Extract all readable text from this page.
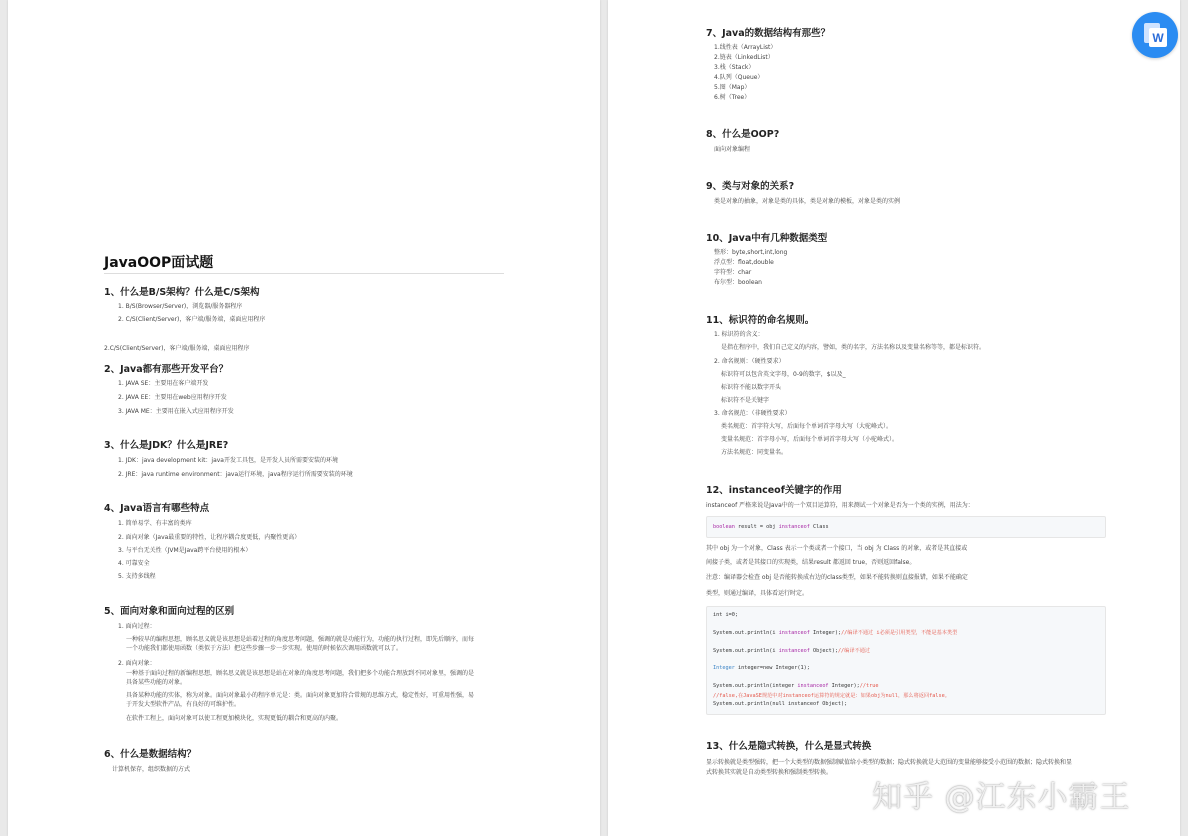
JavaOOP面试题
1、什么是B/S架构？什么是C/S架构
1. B/S(Browser/Server)，浏览器/服务器程序
2. C/S(Client/Server)，客户端/服务端，桌面应用程序
2.C/S(Client/Server)，客户端/服务端，桌面应用程序
2、Java都有那些开发平台？
1. JAVA SE：主要用在客户端开发
2. JAVA EE：主要用在web应用程序开发
3. JAVA ME：主要用在嵌入式应用程序开发
3、什么是JDK？什么是JRE?
1. JDK：java development kit：java开发工具包，是开发人员所需要安装的环境
2. JRE：java runtime environment：java运行环境，java程序运行所需要安装的环境
4、Java语言有哪些特点
1. 简单易学、有丰富的类库
2. 面向对象（Java最重要的特性，让程序耦合度更低，内聚性更高）
3. 与平台无关性（JVM是Java跨平台使用的根本）
4. 可靠安全
5. 支持多线程
5、面向对象和面向过程的区别
1. 面向过程：
一种较早的编程思想，顾名思义就是该思想是站着过程的角度思考问题，强调的就是功能行为，功能的执行过程，即先后顺序，而每
一个功能我们都使用函数（类似于方法）把这些步骤一步一步实现。使用的时候依次调用函数就可以了。
2. 面向对象：
一种基于面向过程的新编程思想，顾名思义就是该思想是站在对象的角度思考问题，我们把多个功能合理放到不同对象里，强调的是
具备某些功能的对象。
具备某种功能的实体，称为对象。面向对象最小的程序单元是：类。面向对象更加符合常规的思维方式，稳定性好，可重用性强，易
于开发大型软件产品，有良好的可维护性。
在软件工程上，面向对象可以使工程更加模块化，实现更低的耦合和更高的内聚。
6、什么是数据结构？
计算机保存，组织数据的方式
7、Java的数据结构有那些？
1.线性表（ArrayList）
2.链表（LinkedList）
3.栈（Stack）
4.队列（Queue）
5.图（Map）
6.树（Tree）
8、什么是OOP?
面向对象编程
9、类与对象的关系?
类是对象的抽象，对象是类的具体，类是对象的模板，对象是类的实例
10、Java中有几种数据类型
整形：byte,short,int,long
浮点型：float,double
字符型：char
布尔型：boolean
11、标识符的命名规则。
1. 标识符的含义：
是指在程序中，我们自己定义的内容，譬如，类的名字，方法名称以及变量名称等等，都是标识符。
2. 命名规则：（硬性要求）
标识符可以包含英文字母，0-9的数字，$以及_
标识符不能以数字开头
标识符不是关键字
3. 命名规范：（非硬性要求）
类名规范：首字符大写，后面每个单词首字母大写（大驼峰式）。
变量名规范：首字母小写，后面每个单词首字母大写（小驼峰式）。
方法名规范：同变量名。
12、instanceof关键字的作用
instanceof 严格来说是Java中的一个双目运算符，用来测试一个对象是否为一个类的实例，用法为：
boolean result = obj instanceof Class
其中 obj 为一个对象，Class 表示一个类或者一个接口，当 obj 为 Class 的对象，或者是其直接或
间接子类，或者是其接口的实现类，结果result 都返回 true，否则返回false。
注意：编译器会检查 obj 是否能转换成右边的class类型，如果不能转换则直接报错，如果不能确定
类型，则通过编译，具体看运行时定。
int i=0;
System.out.println(i instanceof Integer);//编译不通过 i必须是引用类型，不能是基本类型
System.out.println(i instanceof Object);//编译不通过
Integer integer=new Integer(1);
System.out.println(integer instanceof Integer);//true
//false,在JavaSE规范中对instanceof运算符的规定就是：如果obj为null，那么将返回false。
System.out.println(null instanceof Object);
13、什么是隐式转换，什么是显式转换
显示转换就是类型强转，把一个大类型的数据强制赋值给小类型的数据；隐式转换就是大范围的变量能够接受小范围的数据；隐式转换和显
式转换其实就是自动类型转换和强制类型转换。
W
知乎 @江东小霸王
